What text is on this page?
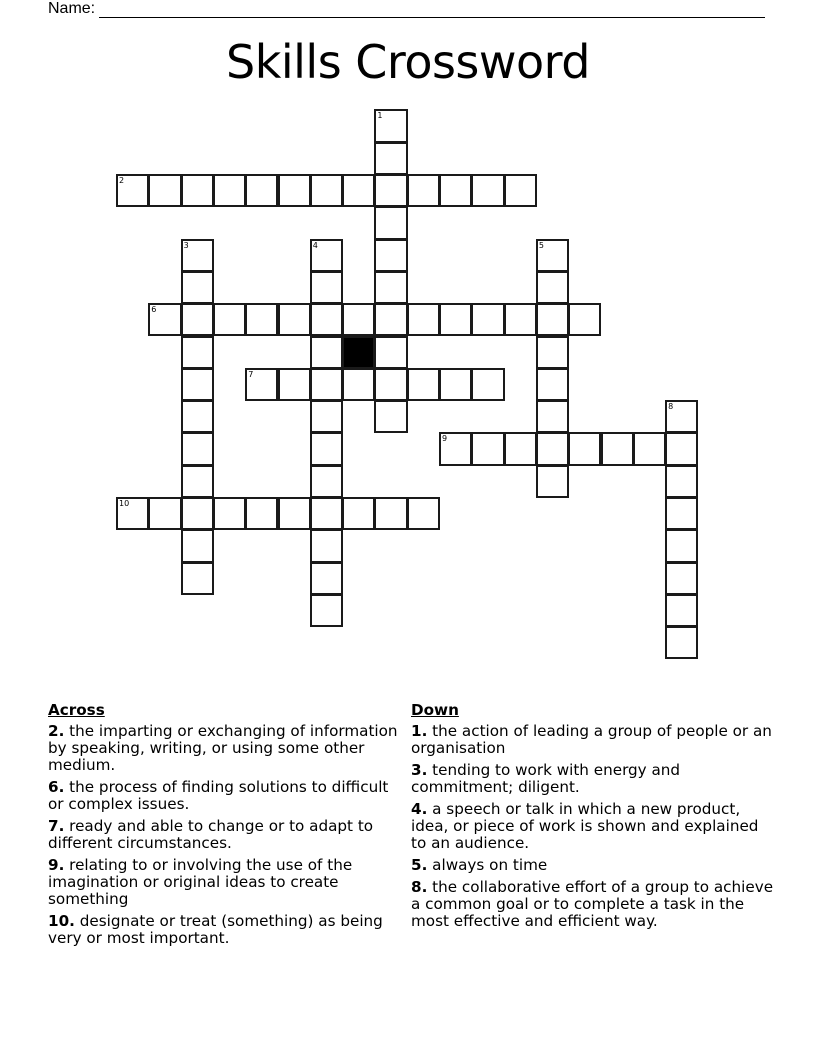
Name:
Skills Crossword
1
2
3	4	5
6
7
8
9
10
Across
2. the imparting or exchanging of information by speaking, writing, or using some other medium.
6. the process of finding solutions to difficult or complex issues.
7. ready and able to change or to adapt to different circumstances.
9. relating to or involving the use of the imagination or original ideas to create something
10. designate or treat (something) as being very or most important.
Down
1. the action of leading a group of people or an organisation
3. tending to work with energy and commitment; diligent.
4. a speech or talk in which a new product, idea, or piece of work is shown and explained to an audience.
5. always on time
8. the collaborative effort of a group to achieve a common goal or to complete a task in the most effective and efficient way.
